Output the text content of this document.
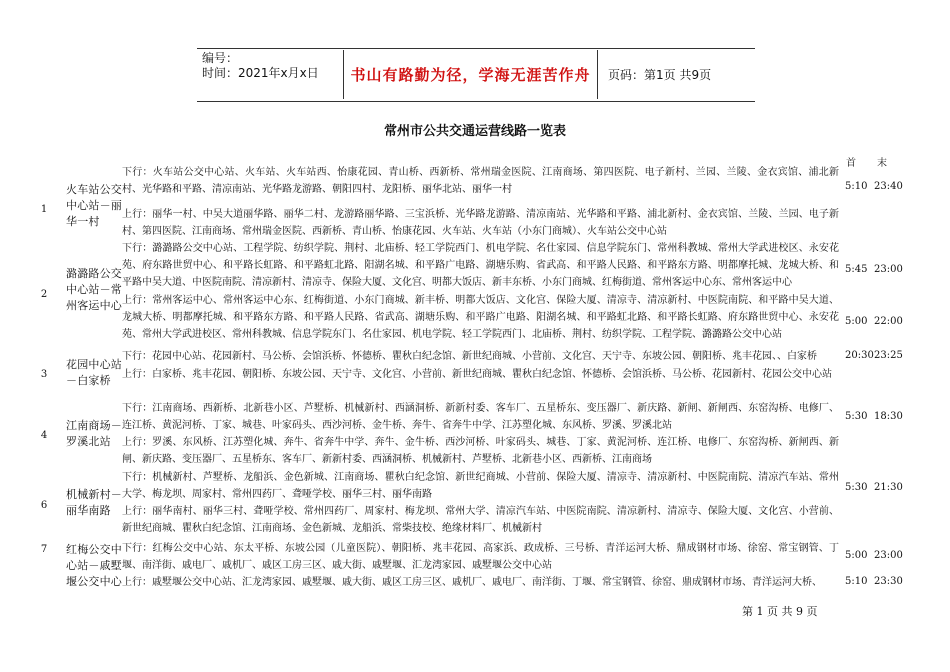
编号：
时间：2021年x月x日	书山有路勤为径，学海无涯苦作舟	页码：第1页 共9页
常州市公共交通运营线路一览表
首 末
1
火车站公交中心站－丽华一村
下行：火车站公交中心站、火车站、火车站西、怡康花园、青山桥、西新桥、常州瑞金医院、江南商场、第四医院、电子新村、兰园、兰陵、金衣宾馆、浦北新村、光华路和平路、清凉南站、光华路龙游路、朝阳四村、龙阳桥、丽华北站、丽华一村	5:10 23:40
上行：丽华一村、中吴大道丽华路、丽华二村、龙游路丽华路、三宝浜桥、光华路龙游路、清凉南站、光华路和平路、浦北新村、金衣宾馆、兰陵、兰园、电子新村、第四医院、江南商场、常州瑞金医院、西新桥、青山桥、怡康花园、火车站、火车站（小东门商城）、火车站公交中心站
2
潞潞路公交中心站－常州客运中心
下行：潞潞路公交中心站、工程学院、纺织学院、荆村、北庙桥、轻工学院西门、机电学院、名仕家园、信息学院东门、常州科教城、常州大学武进校区、永安花苑、府东路世贸中心、和平路长虹路、和平路虹北路、阳湖名城、和平路广电路、湖塘乐购、省武高、和平路人民路、和平路东方路、明都摩托城、龙城大桥、和平路中吴大道、中医院南院、清凉新村、清凉寺、保险大厦、文化宫、明都大饭店、新丰东桥、小东门商城、红梅街道、常州客运中心东、常州客运中心
5:45 23:00
上行：常州客运中心、常州客运中心东、红梅街道、小东门商城、新丰桥、明都大饭店、文化宫、保险大厦、清凉寺、清凉新村、中医院南院、和平路中吴大道、龙城大桥、明都摩托城、和平路东方路、和平路人民路、省武高、湖塘乐购、和平路广电路、阳湖名城、和平路虹北路、和平路长虹路、府东路世贸中心、永安花苑、常州大学武进校区、常州科教城、信息学院东门、名仕家园、机电学院、轻工学院西门、北庙桥、荆村、纺织学院、工程学院、潞潞路公交中心站
5:00 22:00
3
花园中心站－白家桥
下行：花园中心站、花园新村、马公桥、会馆浜桥、怀德桥、瞿秋白纪念馆、新世纪商城、小营前、文化宫、天宁寺、东坡公园、朝阳桥、兆丰花园、、白家桥	20:30 23:25
上行：白家桥、兆丰花园、朝阳桥、东坡公园、天宁寺、文化宫、小营前、新世纪商城、瞿秋白纪念馆、怀德桥、会馆浜桥、马公桥、花园新村、花园公交中心站
4
江南商场－罗溪北站
下行：江南商场、西新桥、北新巷小区、芦墅桥、机械新村、西涵洞桥、新新村委、客车厂、五星桥东、变压器厂、新庆路、新闸、新闸西、东窑沟桥、电修厂、连江桥、黄泥河桥、丁家、城巷、叶家码头、西沙河桥、金牛桥、奔牛、省奔牛中学、江苏塑化城、东风桥、罗溪、罗溪北站
5:30 18:30
上行：罗溪、东风桥、江苏塑化城、奔牛、省奔牛中学、奔牛、金牛桥、西沙河桥、叶家码头、城巷、丁家、黄泥河桥、连江桥、电修厂、东窑沟桥、新闸西、新闸、新庆路、变压器厂、五星桥东、客车厂、新新村委、西涵洞桥、机械新村、芦墅桥、北新巷小区、西新桥、江南商场
6
机械新村－丽华南路
下行：机械新村、芦墅桥、龙船浜、金色新城、江南商场、瞿秋白纪念馆、新世纪商城、小营前、保险大厦、清凉寺、清凉新村、中医院南院、清凉汽车站、常州大学、梅龙坝、周家村、常州四药厂、聋哑学校、丽华三村、丽华南路
5:30 21:30
上行：丽华南村、丽华三村、聋哑学校、常州四药厂、周家村、梅龙坝、常州大学、清凉汽车站、中医院南院、清凉新村、清凉寺、保险大厦、文化宫、小营前、新世纪商城、瞿秋白纪念馆、江南商场、金色新城、龙船浜、常柴技校、绝缘材料厂、机械新村
7 红梅公交中心站－戚墅堰公交中心
下行：红梅公交中心站、东太平桥、东坡公园（儿童医院）、朝阳桥、兆丰花园、高家浜、政成桥、三号桥、青洋运河大桥、鼎成钢材市场、徐窑、常宝钢管、丁堰、南洋街、戚电厂、戚机厂、戚区工房三区、戚大街、戚墅堰、汇龙湾家园、戚墅堰公交中心站
5:00 23:00
上行：戚墅堰公交中心站、汇龙湾家园、戚墅堰、戚大街、戚区工房三区、戚机厂、戚电厂、南洋街、丁堰、常宝钢管、徐窑、鼎成钢材市场、青洋运河大桥、	5:10 23:30
第 1 页 共 9 页
